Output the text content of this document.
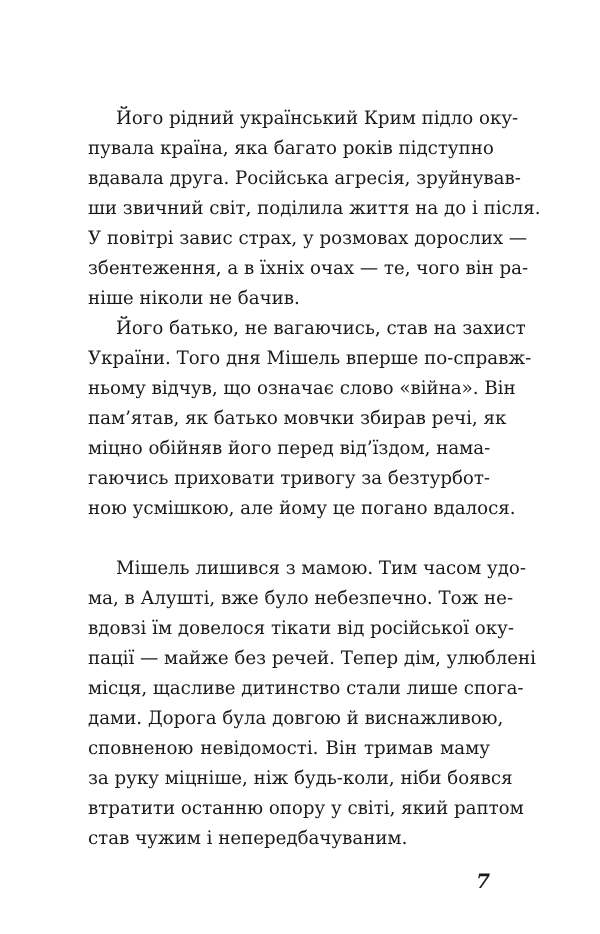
Його рідний український Крим підло оку-
пувала країна, яка багато років підступно
вдавала друга. Російська агресія, зруйнував-
ши звичний світ, поділила життя на до і після.
У повітрі завис страх, у розмовах дорослих —
збентеження, а в їхніх очах — те, чого він ра-
ніше ніколи не бачив.
Його батько, не вагаючись, став на захист
України. Того дня Мішель вперше по-справж-
ньому відчув, що означає слово «війна». Він
пам’ятав, як батько мовчки збирав речі, як
міцно обійняв його перед від’їздом, нама-
гаючись приховати тривогу за безтурбот-
ною усмішкою, але йому це погано вдалося.
Мішель лишився з мамою. Тим часом удо-
ма, в Алушті, вже було небезпечно. Тож не-
вдовзі їм довелося тікати від російської оку-
пації — майже без речей. Тепер дім, улюблені
місця, щасливе дитинство стали лише спога-
дами. Дорога була довгою й виснажливою,
сповненою невідомості. Він тримав маму
за руку міцніше, ніж будь-коли, ніби боявся
втратити останню опору у світі, який раптом
став чужим і непередбачуваним.
7
